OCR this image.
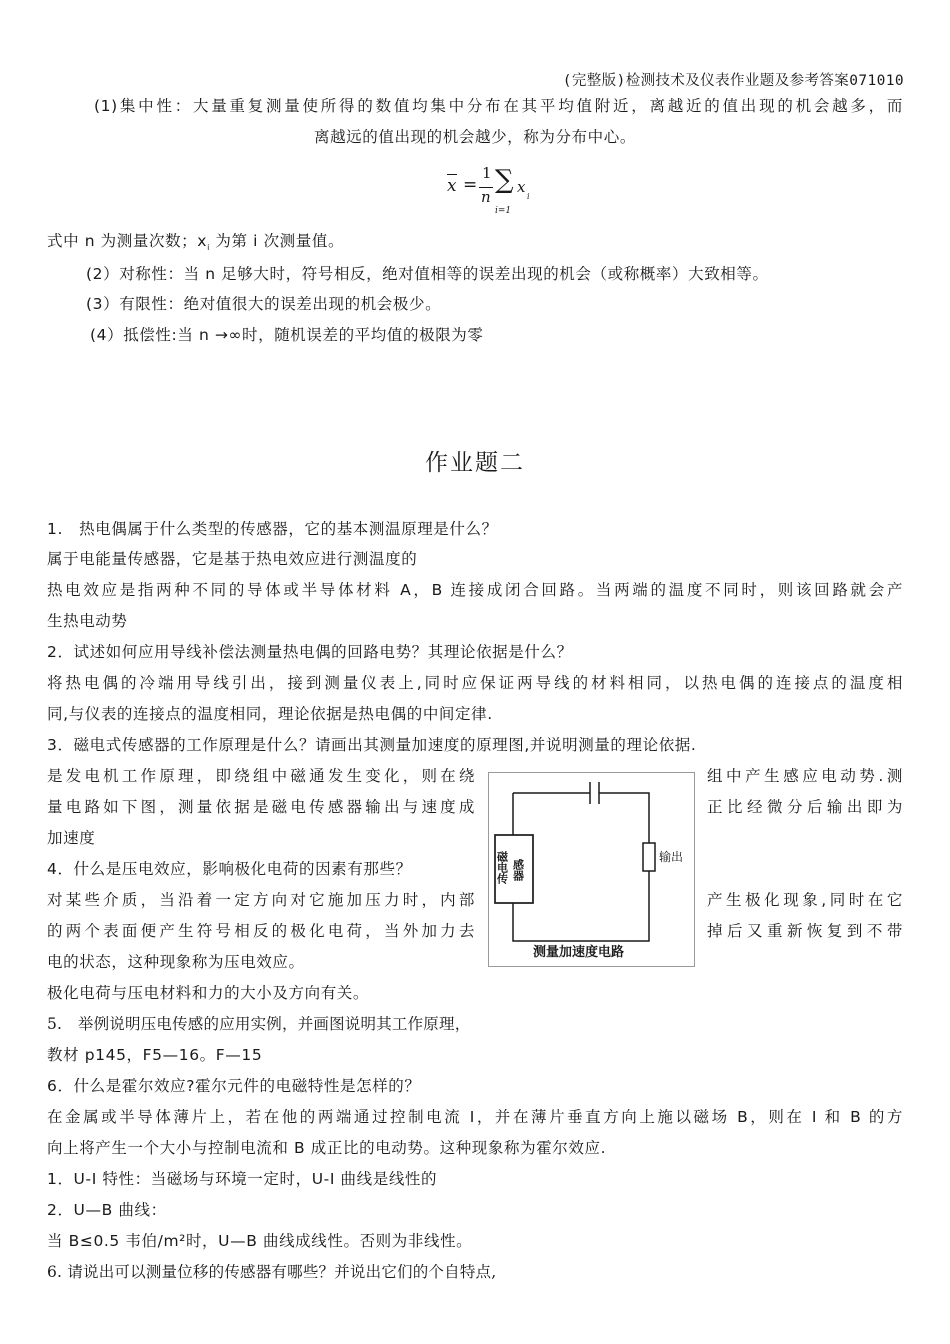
(完整版)检测技术及仪表作业题及参考答案071010
(1)集中性：大量重复测量使所得的数值均集中分布在其平均值附近，离越近的值出现的机会越多，而
离越远的值出现的机会越少，称为分布中心。
x =
1
n
∑ x
i
i=1
式中 n 为测量次数；$x_i$ 为第 i 次测量值。
(2）对称性：当 n 足够大时，符号相反，绝对值相等的误差出现的机会（或称概率）大致相等。
(3）有限性：绝对值很大的误差出现的机会极少。
(4）抵偿性:当 n →∞时，随机误差的平均值的极限为零
作业题二
1.　热电偶属于什么类型的传感器，它的基本测温原理是什么？
属于电能量传感器，它是基于热电效应进行测温度的
热电效应是指两种不同的导体或半导体材料 A，B 连接成闭合回路。当两端的温度不同时，则该回路就会产
生热电动势
2．试述如何应用导线补偿法测量热电偶的回路电势？其理论依据是什么？
将热电偶的冷端用导线引出，接到测量仪表上,同时应保证两导线的材料相同，以热电偶的连接点的温度相
同,与仪表的连接点的温度相同，理论依据是热电偶的中间定律.
3．磁电式传感器的工作原理是什么？请画出其测量加速度的原理图,并说明测量的理论依据.
是发电机工作原理，即绕组中磁通发生变化，则在绕	组中产生感应电动势.测
量电路如下图，测量依据是磁电传感器输出与速度成	正比经微分后输出即为
加速度
磁电传 感器
输出
测量加速度电路
4．什么是压电效应，影响极化电荷的因素有那些？
对某些介质，当沿着一定方向对它施加压力时，内部	产生极化现象,同时在它
的两个表面便产生符号相反的极化电荷，当外加力去	掉后又重新恢复到不带
电的状态，这种现象称为压电效应。
极化电荷与压电材料和力的大小及方向有关。
5.　举例说明压电传感的应用实例，并画图说明其工作原理，
教材 p145，F5—16。F—15
6．什么是霍尔效应?霍尔元件的电磁特性是怎样的？
在金属或半导体薄片上，若在他的两端通过控制电流 I，并在薄片垂直方向上施以磁场 B，则在 I 和 B 的方
向上将产生一个大小与控制电流和 B 成正比的电动势。这种现象称为霍尔效应.
1．U-I 特性：当磁场与环境一定时，U-I 曲线是线性的
2．U—B 曲线：
当 B≤0.5 韦伯/m²时，U—B 曲线成线性。否则为非线性。
6. 请说出可以测量位移的传感器有哪些？并说出它们的个自特点,
